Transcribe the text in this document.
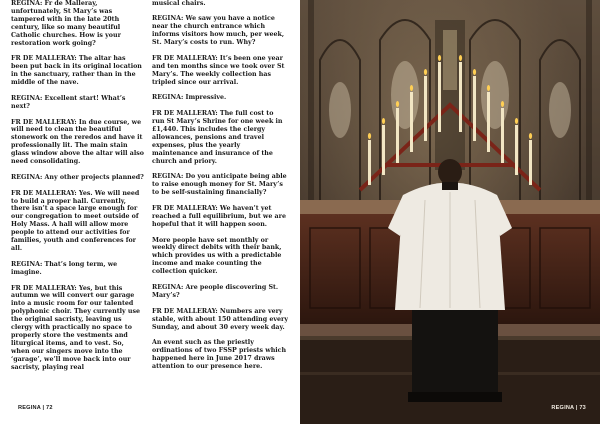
REGINA: Fr de Malleray, unfortunately, St Mary’s was tampered with in the late 20th century, like so many beautiful Catholic churches. How is your restoration work going?

FR DE MALLERAY: The altar has been put back in its original location in the sanctuary, rather than in the middle of the nave.

REGINA: Excellent start! What’s next?

FR DE MALLERAY: In due course, we will need to clean the beautiful stonework on the reredos and have it professionally lit. The main stain glass window above the altar will also need consolidating.

REGINA: Any other projects planned?

FR DE MALLERAY: Yes. We will need to build a proper hall. Currently, there isn’t a space large enough for our congregation to meet outside of Holy Mass. A hall will allow more people to attend our activities for families, youth and conferences for all.

REGINA: That’s long term, we imagine.

FR DE MALLERAY: Yes, but this autumn we will convert our garage into a music room for our talented polyphonic choir. They currently use the original sacristy, leaving us clergy with practically no space to properly store the vestments and liturgical items, and to vest. So, when our singers move into the ‘garage’, we’ll move back into our sacristy, playing real

musical chairs.

REGINA: We saw you have a notice near the church entrance which informs visitors how much, per week, St. Mary’s costs to run. Why?

FR DE MALLERAY: It’s been one year and ten months since we took over St Mary’s. The weekly collection has tripled since our arrival.

REGINA: Impressive.

FR DE MALLERAY: The full cost to run St Mary’s Shrine for one week in £1,440. This includes the clergy allowances, pensions and travel expenses, plus the yearly maintenance and insurance of the church and priory.

REGINA: Do you anticipate being able to raise enough money for St. Mary’s to be self-sustaining financially?

FR DE MALLERAY: We haven’t yet reached a full equilibrium, but we are hopeful that it will happen soon.

More people have set monthly or weekly direct debits with their bank, which provides us with a predictable income and make counting the collection quicker.

REGINA: Are people discovering St. Mary’s?

FR DE MALLERAY: Numbers are very stable, with about 150 attending every Sunday, and about 30 every week day.

An event such as the priestly ordinations of two FSSP priests which happened here in June 2017 draws attention to our presence here.

REGINA | 72	REGINA | 73
